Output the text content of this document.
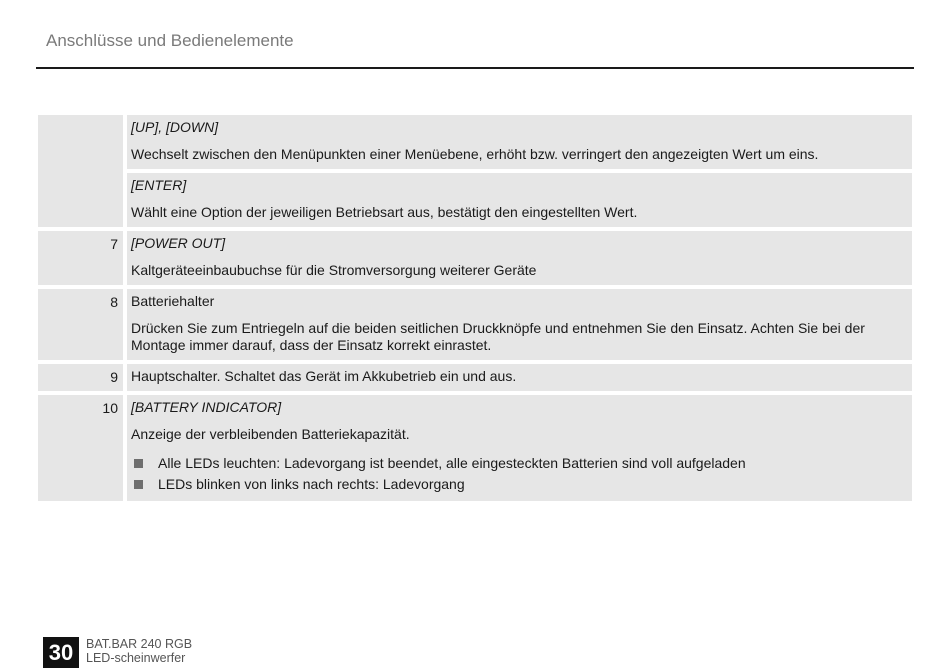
Anschlüsse und Bedienelemente
[UP], [DOWN]
Wechselt zwischen den Menüpunkten einer Menüebene, erhöht bzw. verringert den angezeigten Wert um eins.
[ENTER]
Wählt eine Option der jeweiligen Betriebsart aus, bestätigt den eingestellten Wert.
7 [POWER OUT]
Kaltgeräteeinbaubuchse für die Stromversorgung weiterer Geräte
8 Batteriehalter
Drücken Sie zum Entriegeln auf die beiden seitlichen Druckknöpfe und entnehmen Sie den Einsatz. Achten Sie bei der Montage immer darauf, dass der Einsatz korrekt einrastet.
9 Hauptschalter. Schaltet das Gerät im Akkubetrieb ein und aus.
10 [BATTERY INDICATOR]
Anzeige der verbleibenden Batteriekapazität.
Alle LEDs leuchten: Ladevorgang ist beendet, alle eingesteckten Batterien sind voll aufgeladen
LEDs blinken von links nach rechts: Ladevorgang
30	BAT.BAR 240 RGB
LED-scheinwerfer
